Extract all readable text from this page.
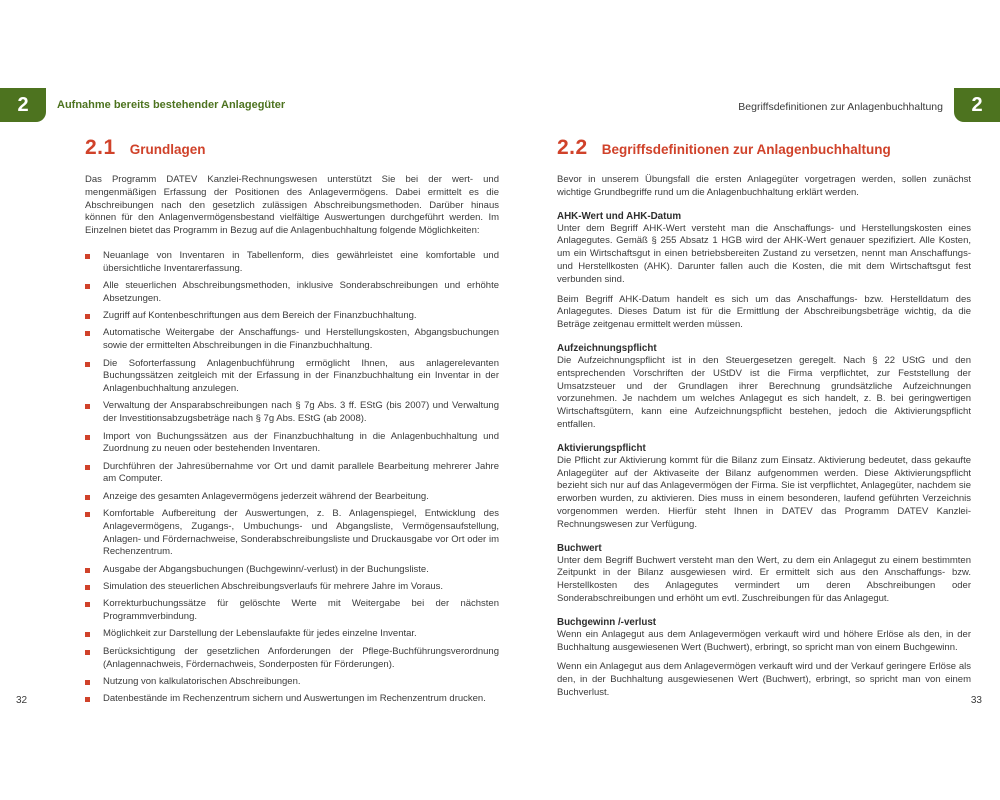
2	Aufnahme bereits bestehender Anlagegüter	Begriffsdefinitionen zur Anlagenbuchhaltung 2
2.1 Grundlagen

Das Programm DATEV Kanzlei-Rechnungswesen unterstützt Sie bei der wert- und mengenmäßigen Erfassung der Positionen des Anlagevermögens. Dabei ermittelt es die Abschreibungen nach den gesetzlich zulässigen Abschreibungsmethoden. Darüber hinaus können für den Anlagenvermögensbestand vielfältige Auswertungen durchgeführt werden. Im Einzelnen bietet das Programm in Bezug auf die Anlagenbuchhaltung folgende Möglichkeiten:

Neuanlage von Inventaren in Tabellenform, dies gewährleistet eine komfortable und übersichtliche Inventarerfassung.
Alle steuerlichen Abschreibungsmethoden, inklusive Sonderabschreibungen und erhöhte Absetzungen.
Zugriff auf Kontenbeschriftungen aus dem Bereich der Finanzbuchhaltung.
Automatische Weitergabe der Anschaffungs- und Herstellungskosten, Abgangsbuchungen sowie der ermittelten Abschreibungen in die Finanzbuchhaltung.
Die Soforterfassung Anlagenbuchführung ermöglicht Ihnen, aus anlagerelevanten Buchungssätzen zeitgleich mit der Erfassung in der Finanzbuchhaltung ein Inventar in der Anlagenbuchhaltung anzulegen.
Verwaltung der Ansparabschreibungen nach § 7g Abs. 3 ff. EStG (bis 2007) und Verwaltung der Investitionsabzugsbeträge nach § 7g Abs. EStG (ab 2008).
Import von Buchungssätzen aus der Finanzbuchhaltung in die Anlagenbuchhaltung und Zuordnung zu neuen oder bestehenden Inventaren.
Durchführen der Jahresübernahme vor Ort und damit parallele Bearbeitung mehrerer Jahre am Computer.
Anzeige des gesamten Anlagevermögens jederzeit während der Bearbeitung.
Komfortable Aufbereitung der Auswertungen, z. B. Anlagenspiegel, Entwicklung des Anlagevermögens, Zugangs-, Umbuchungs- und Abgangsliste, Vermögensaufstellung, Anlagen- und Fördernachweise, Sonderabschreibungsliste und Druckausgabe vor Ort oder im Rechenzentrum.
Ausgabe der Abgangsbuchungen (Buchgewinn/-verlust) in der Buchungsliste.
Simulation des steuerlichen Abschreibungsverlaufs für mehrere Jahre im Voraus.
Korrekturbuchungssätze für gelöschte Werte mit Weitergabe bei der nächsten Programmverbindung.
Möglichkeit zur Darstellung der Lebenslaufakte für jedes einzelne Inventar.
Berücksichtigung der gesetzlichen Anforderungen der Pflege-Buchführungsverordnung (Anlagennachweis, Fördernachweis, Sonderposten für Förderungen).
Nutzung von kalkulatorischen Abschreibungen.
Datenbestände im Rechenzentrum sichern und Auswertungen im Rechenzentrum drucken.
2.2 Begriffsdefinitionen zur Anlagenbuchhaltung

Bevor in unserem Übungsfall die ersten Anlagegüter vorgetragen werden, sollen zunächst wichtige Grundbegriffe rund um die Anlagenbuchhaltung erklärt werden.

AHK-Wert und AHK-Datum

Unter dem Begriff AHK-Wert versteht man die Anschaffungs- und Herstellungskosten eines Anlagegutes. Gemäß § 255 Absatz 1 HGB wird der AHK-Wert genauer spezifiziert. Alle Kosten, um ein Wirtschaftsgut in einen betriebsbereiten Zustand zu versetzen, nennt man Anschaffungs- und Herstellkosten (AHK). Darunter fallen auch die Kosten, die mit dem Wirtschaftsgut fest verbunden sind.

Beim Begriff AHK-Datum handelt es sich um das Anschaffungs- bzw. Herstelldatum des Anlagegutes. Dieses Datum ist für die Ermittlung der Abschreibungsbeträge wichtig, da die Beträge zeitgenau ermittelt werden müssen.

Aufzeichnungspflicht

Die Aufzeichnungspflicht ist in den Steuergesetzen geregelt. Nach § 22 UStG und den entsprechenden Vorschriften der UStDV ist die Firma verpflichtet, zur Feststellung der Umsatzsteuer und der Grundlagen ihrer Berechnung grundsätzliche Aufzeichnungen vorzunehmen. Je nachdem um welches Anlagegut es sich handelt, z. B. bei geringwertigen Wirtschaftsgütern, kann eine Aufzeichnungspflicht bestehen, jedoch die Aktivierungspflicht entfallen.

Aktivierungspflicht

Die Pflicht zur Aktivierung kommt für die Bilanz zum Einsatz. Aktivierung bedeutet, dass gekaufte Anlagegüter auf der Aktivaseite der Bilanz aufgenommen werden. Diese Aktivierungspflicht bezieht sich nur auf das Anlagevermögen der Firma. Sie ist verpflichtet, Anlagegüter, nachdem sie erworben wurden, zu aktivieren. Dies muss in einem besonderen, laufend geführten Verzeichnis vorgenommen werden. Hierfür steht Ihnen in DATEV das Programm DATEV Kanzlei-Rechnungswesen zur Verfügung.

Buchwert

Unter dem Begriff Buchwert versteht man den Wert, zu dem ein Anlagegut zu einem bestimmten Zeitpunkt in der Bilanz ausgewiesen wird. Er ermittelt sich aus den Anschaffungs- bzw. Herstellkosten des Anlagegutes vermindert um deren Abschreibungen oder Sonderabschreibungen und erhöht um evtl. Zuschreibungen für das Anlagegut.

Buchgewinn /-verlust

Wenn ein Anlagegut aus dem Anlagevermögen verkauft wird und höhere Erlöse als den, in der Buchhaltung ausgewiesenen Wert (Buchwert), erbringt, so spricht man von einem Buchgewinn.

Wenn ein Anlagegut aus dem Anlagevermögen verkauft wird und der Verkauf geringere Erlöse als den, in der Buchhaltung ausgewiesenen Wert (Buchwert), erbringt, so spricht man von einem Buchverlust.

32	33
